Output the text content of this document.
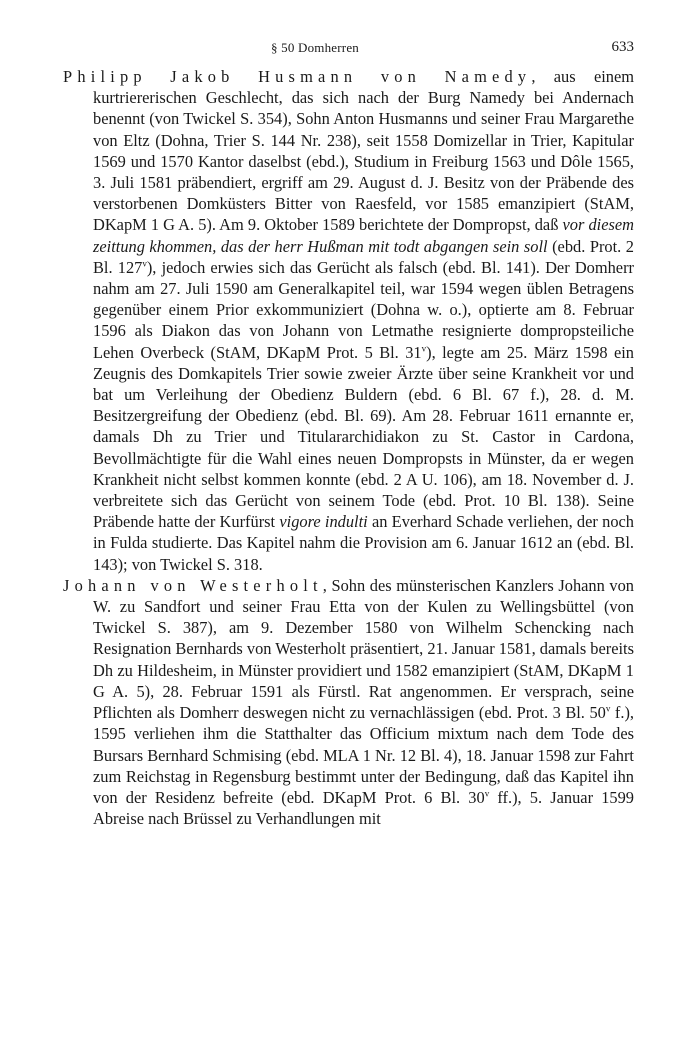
§ 50 Domherren	633

Philipp Jakob Husmann von Namedy, aus einem kurtriererischen Geschlecht, das sich nach der Burg Namedy bei Andernach benennt (von Twickel S. 354), Sohn Anton Husmanns und seiner Frau Margarethe von Eltz (Dohna, Trier S. 144 Nr. 238), seit 1558 Domizellar in Trier, Kapitular 1569 und 1570 Kantor daselbst (ebd.), Studium in Freiburg 1563 und Dôle 1565, 3. Juli 1581 präbendiert, ergriff am 29. August d. J. Besitz von der Präbende des verstorbenen Domküsters Bitter von Raesfeld, vor 1585 emanzipiert (StAM, DKapM 1 G A. 5). Am 9. Oktober 1589 berichtete der Dompropst, daß vor diesem zeittung khommen, das der herr Hußman mit todt abgangen sein soll (ebd. Prot. 2 Bl. 127$^v$), jedoch erwies sich das Gerücht als falsch (ebd. Bl. 141). Der Domherr nahm am 27. Juli 1590 am Generalkapitel teil, war 1594 wegen üblen Betragens gegenüber einem Prior exkommuniziert (Dohna w. o.), optierte am 8. Februar 1596 als Diakon das von Johann von Letmathe resignierte dompropsteiliche Lehen Overbeck (StAM, DKapM Prot. 5 Bl. 31$^v$), legte am 25. März 1598 ein Zeugnis des Domkapitels Trier sowie zweier Ärzte über seine Krankheit vor und bat um Verleihung der Obedienz Buldern (ebd. 6 Bl. 67 f.), 28. d. M. Besitzergreifung der Obedienz (ebd. Bl. 69). Am 28. Februar 1611 ernannte er, damals Dh zu Trier und Titulararchidiakon zu St. Castor in Cardona, Bevollmächtigte für die Wahl eines neuen Dompropsts in Münster, da er wegen Krankheit nicht selbst kommen konnte (ebd. 2 A U. 106), am 18. November d. J. verbreitete sich das Gerücht von seinem Tode (ebd. Prot. 10 Bl. 138). Seine Präbende hatte der Kurfürst vigore indulti an Everhard Schade verliehen, der noch in Fulda studierte. Das Kapitel nahm die Provision am 6. Januar 1612 an (ebd. Bl. 143); von Twickel S. 318.

Johann von Westerholt, Sohn des münsterischen Kanzlers Johann von W. zu Sandfort und seiner Frau Etta von der Kulen zu Wellingsbüttel (von Twickel S. 387), am 9. Dezember 1580 von Wilhelm Schencking nach Resignation Bernhards von Westerholt präsentiert, 21. Januar 1581, damals bereits Dh zu Hildesheim, in Münster providiert und 1582 emanzipiert (StAM, DKapM 1 G A. 5), 28. Februar 1591 als Fürstl. Rat angenommen. Er versprach, seine Pflichten als Domherr deswegen nicht zu vernachlässigen (ebd. Prot. 3 Bl. 50$^v$ f.), 1595 verliehen ihm die Statthalter das Officium mixtum nach dem Tode des Bursars Bernhard Schmising (ebd. MLA 1 Nr. 12 Bl. 4), 18. Januar 1598 zur Fahrt zum Reichstag in Regensburg bestimmt unter der Bedingung, daß das Kapitel ihn von der Residenz befreite (ebd. DKapM Prot. 6 Bl. 30$^v$ ff.), 5. Januar 1599 Abreise nach Brüssel zu Verhandlungen mit
